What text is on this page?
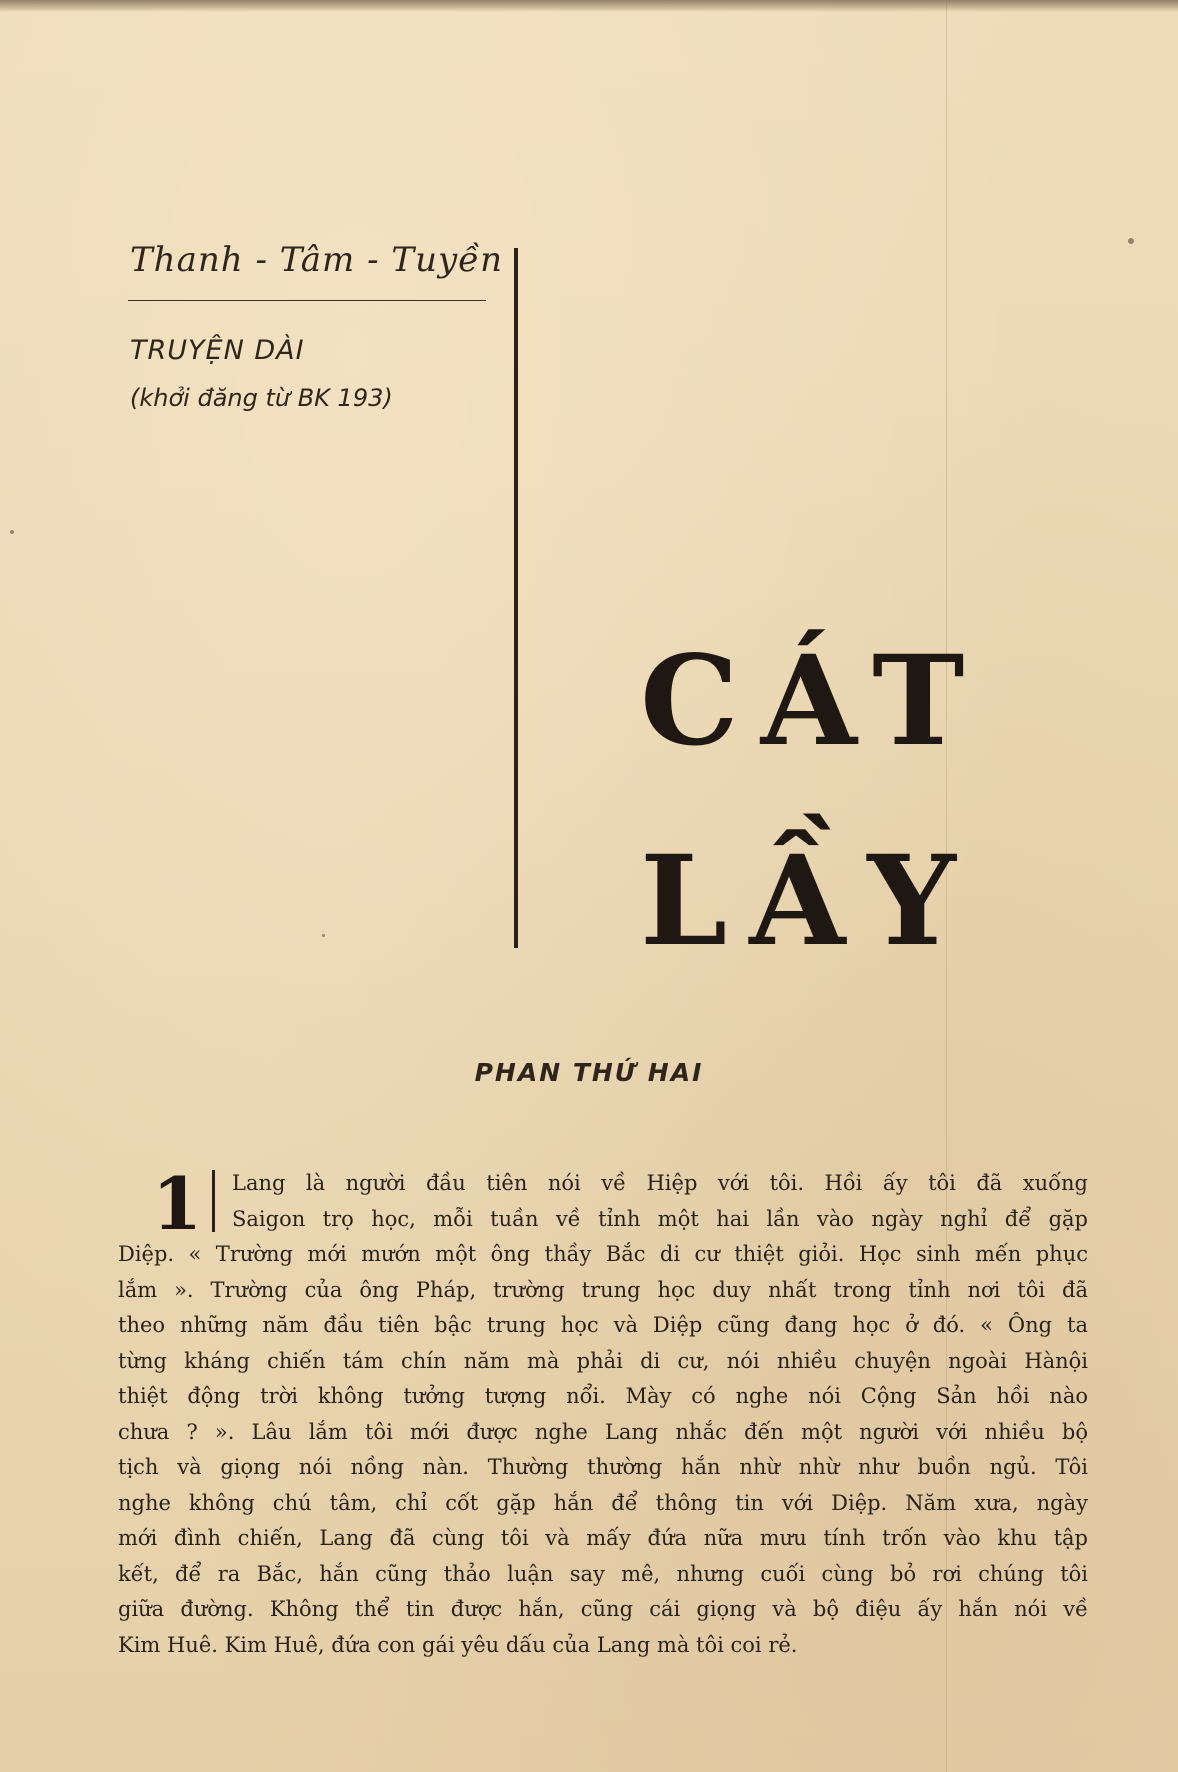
Thanh - Tâm - Tuyền
TRUYỆN DÀI
(khởi đăng từ BK 193)
CÁT
LẦY
PHAN THỨ HAI
1	Lang là người đầu tiên nói về Hiệp với tôi. Hồi ấy tôi đã xuống
Saigon trọ học, mỗi tuần về tỉnh một hai lần vào ngày nghỉ để gặp
Diệp. « Trường mới mướn một ông thầy Bắc di cư thiệt giỏi. Học sinh mến phục
lắm ». Trường của ông Pháp, trường trung học duy nhất trong tỉnh nơi tôi đã
theo những năm đầu tiên bậc trung học và Diệp cũng đang học ở đó. « Ông ta
từng kháng chiến tám chín năm mà phải di cư, nói nhiều chuyện ngoài Hànội
thiệt động trời không tưởng tượng nổi. Mày có nghe nói Cộng Sản hồi nào
chưa ? ». Lâu lắm tôi mới được nghe Lang nhắc đến một người với nhiều bộ
tịch và giọng nói nồng nàn. Thường thường hắn nhừ nhừ như buồn ngủ. Tôi
nghe không chú tâm, chỉ cốt gặp hắn để thông tin với Diệp. Năm xưa, ngày
mới đình chiến, Lang đã cùng tôi và mấy đứa nữa mưu tính trốn vào khu tập
kết, để ra Bắc, hắn cũng thảo luận say mê, nhưng cuối cùng bỏ rơi chúng tôi
giữa đường. Không thể tin được hắn, cũng cái giọng và bộ điệu ấy hắn nói về
Kim Huê. Kim Huê, đứa con gái yêu dấu của Lang mà tôi coi rẻ.
